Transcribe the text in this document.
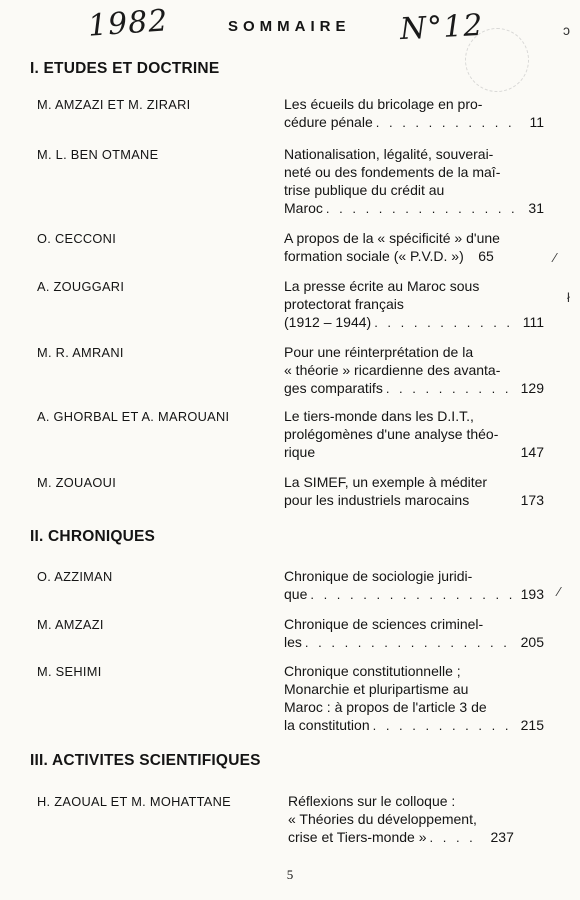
1982	SOMMAIRE N°12	ɔ
I. ETUDES ET DOCTRINE
M. AMZAZI ET M. ZIRARI	Les écueils du bricolage en pro-
cédure pénale . . .	11
M. L. BEN OTMANE	Nationalisation, légalité, souverai-
neté ou des fondements de la maî-
trise publique du crédit au
Maroc . . .	31
O. CECCONI	A propos de la « spécificité » d'une
formation sociale (« P.V.D. »)	65	⁄
A. ZOUGGARI	La presse écrite au Maroc sous
protectorat français
(1912 – 1944) . . .	111
ł
M. R. AMRANI	Pour une réinterprétation de la
« théorie » ricardienne des avanta-
ges comparatifs . . .	129
A. GHORBAL ET A. MAROUANI	Le tiers-monde dans les D.I.T.,
prolégomènes d'une analyse théo-
rique	147
M. ZOUAOUI	La SIMEF, un exemple à méditer
pour les industriels marocains	173
II. CHRONIQUES
O. AZZIMAN	Chronique de sociologie juridi-
que . . .	193 ⁄
M. AMZAZI	Chronique de sciences criminel-
les . . .	205
M. SEHIMI	Chronique constitutionnelle ;
Monarchie et pluripartisme au
Maroc : à propos de l'article 3 de
la constitution . . .	215
III. ACTIVITES SCIENTIFIQUES
H. ZAOUAL ET M. MOHATTANE	Réflexions sur le colloque :
« Théories du développement,
crise et Tiers-monde » . . .	237
5
